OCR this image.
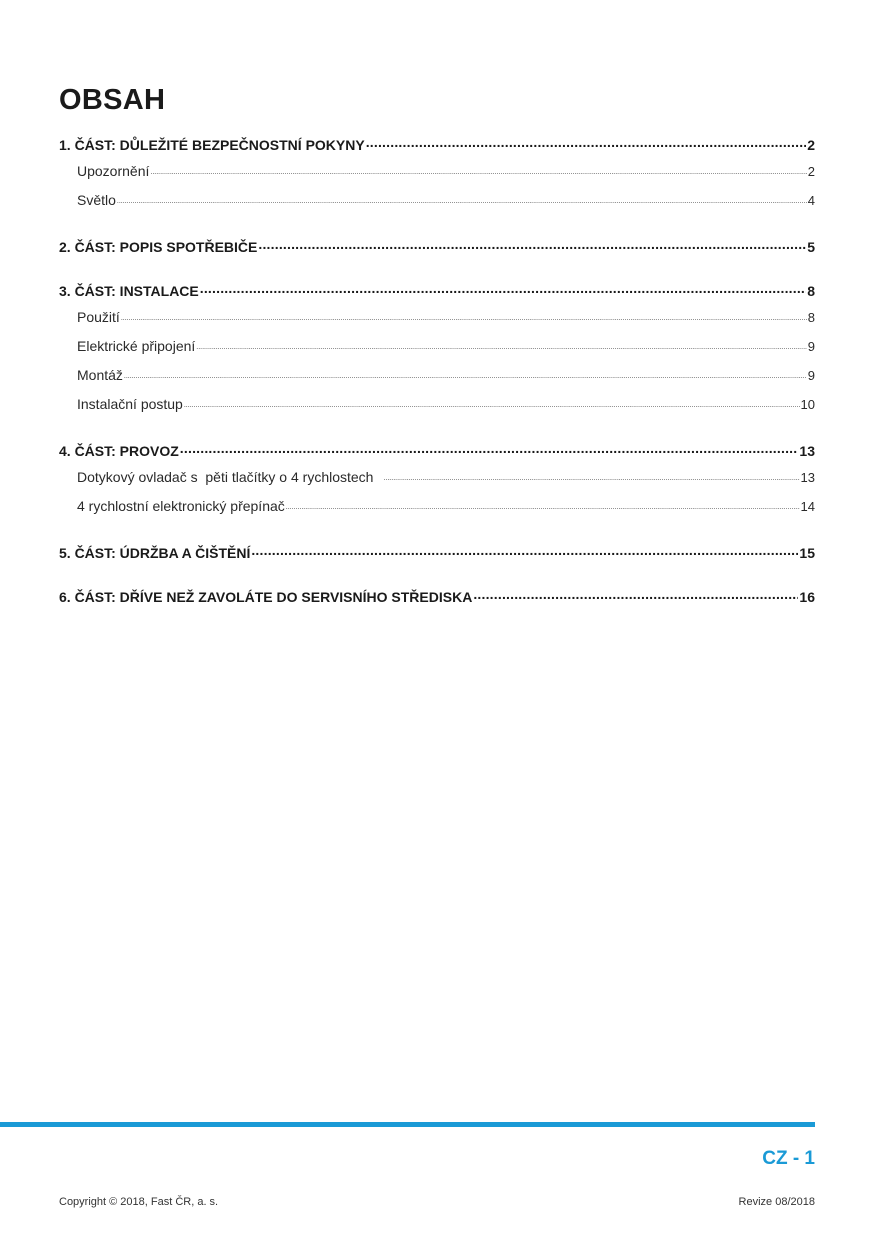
OBSAH
1. ČÁST: DŮLEŽITÉ BEZPEČNOSTNÍ POKYNY .....	2
Upozornění .....	2
Světlo .....	4
2. ČÁST: POPIS SPOTŘEBIČE .....	5
3. ČÁST: INSTALACE .....	8
Použití .....	8
Elektrické připojení .....	9
Montáž .....	9
Instalační postup .....	10
4. ČÁST: PROVOZ .....	13
Dotykový ovladač s  pěti tlačítky o 4 rychlostech .....	13
4 rychlostní elektronický přepínač .....	14
5. ČÁST: ÚDRŽBA A ČIŠTĚNÍ .....	15
6. ČÁST: DŘÍVE NEŽ ZAVOLÁTE DO SERVISNÍHO STŘEDISKA .....	16
CZ - 1
Copyright © 2018, Fast ČR, a. s.	Revize 08/2018
